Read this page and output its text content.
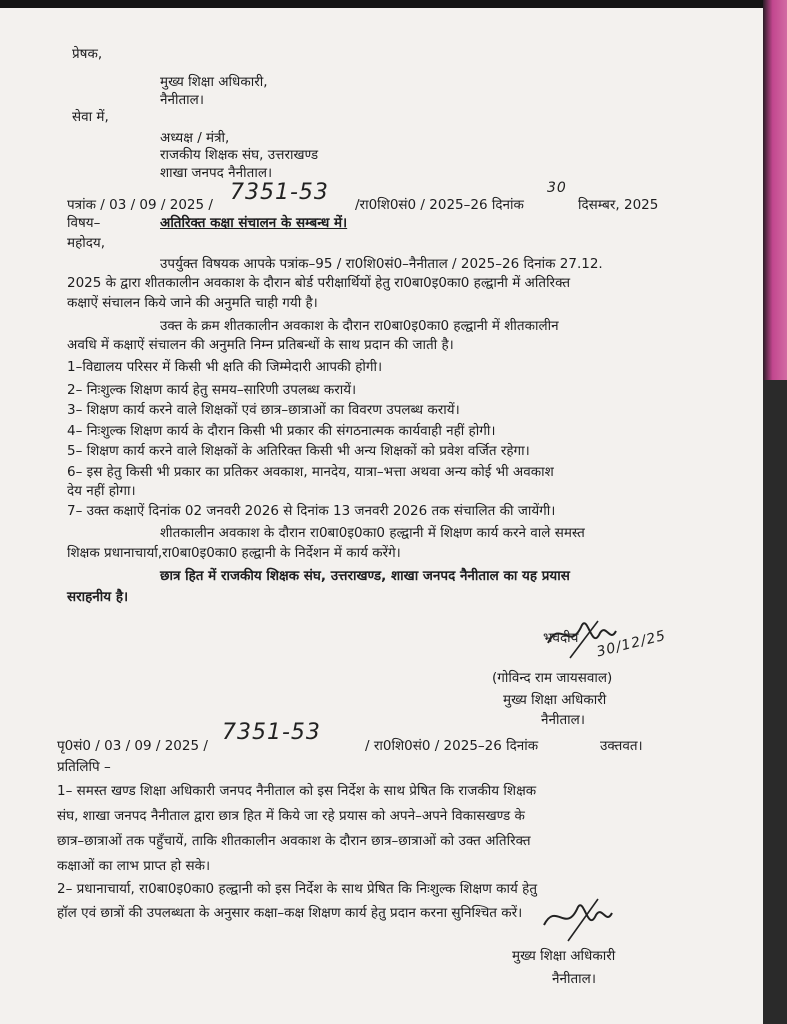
प्रेषक,
मुख्य शिक्षा अधिकारी,
नैनीताल।
सेवा में,
अध्यक्ष / मंत्री,
राजकीय शिक्षक संघ, उत्तराखण्ड
शाखा जनपद नैनीताल।
पत्रांक / 03 / 09 / 2025 / 7351-53 /रा0शि0सं0 / 2025–26 दिनांक
30
दिसम्बर, 2025
विषय–	अतिरिक्त कक्षा संचालन के सम्बन्ध में।
महोदय,
उपर्युक्त विषयक आपके पत्रांक–95 / रा0शि0सं0–नैनीताल / 2025–26 दिनांक 27.12.
2025 के द्वारा शीतकालीन अवकाश के दौरान बोर्ड परीक्षार्थियों हेतु रा0बा0इ0का0 हल्द्वानी में अतिरिक्त
कक्षाऐं संचालन किये जाने की अनुमति चाही गयी है।
उक्त के क्रम शीतकालीन अवकाश के दौरान रा0बा0इ0का0 हल्द्वानी में शीतकालीन
अवधि में कक्षाऐं संचालन की अनुमति निम्न प्रतिबन्धों के साथ प्रदान की जाती है।
1–विद्यालय परिसर में किसी भी क्षति की जिम्मेदारी आपकी होगी।
2– निःशुल्क शिक्षण कार्य हेतु समय–सारिणी उपलब्ध करायें।
3– शिक्षण कार्य करने वाले शिक्षकों एवं छात्र–छात्राओं का विवरण उपलब्ध करायें।
4– निःशुल्क शिक्षण कार्य के दौरान किसी भी प्रकार की संगठनात्मक कार्यवाही नहीं होगी।
5– शिक्षण कार्य करने वाले शिक्षकों के अतिरिक्त किसी भी अन्य शिक्षकों को प्रवेश वर्जित रहेगा।
6– इस हेतु किसी भी प्रकार का प्रतिकर अवकाश, मानदेय, यात्रा–भत्ता अथवा अन्य कोई भी अवकाश
देय नहीं होगा।
7– उक्त कक्षाऐं दिनांक 02 जनवरी 2026 से दिनांक 13 जनवरी 2026 तक संचालित की जायेंगी।
शीतकालीन अवकाश के दौरान रा0बा0इ0का0 हल्द्वानी में शिक्षण कार्य करने वाले समस्त
शिक्षक प्रधानाचार्या,रा0बा0इ0का0 हल्द्वानी के निर्देशन में कार्य करेंगे।
छात्र हित में राजकीय शिक्षक संघ, उत्तराखण्ड, शाखा जनपद नैनीताल का यह प्रयास
सराहनीय है।
भवदीय 30/12/25
(गोविन्द राम जायसवाल)
मुख्य शिक्षा अधिकारी
नैनीताल।
पृ0सं0 / 03 / 09 / 2025 /
7351-53
/ रा0शि0सं0 / 2025–26 दिनांक	उक्तवत।
प्रतिलिपि –
1– समस्त खण्ड शिक्षा अधिकारी जनपद नैनीताल को इस निर्देश के साथ प्रेषित कि राजकीय शिक्षक
संघ, शाखा जनपद नैनीताल द्वारा छात्र हित में किये जा रहे प्रयास को अपने–अपने विकासखण्ड के
छात्र–छात्राओं तक पहुँचायें, ताकि शीतकालीन अवकाश के दौरान छात्र–छात्राओं को उक्त अतिरिक्त
कक्षाओं का लाभ प्राप्त हो सके।
2– प्रधानाचार्या, रा0बा0इ0का0 हल्द्वानी को इस निर्देश के साथ प्रेषित कि निःशुल्क शिक्षण कार्य हेतु
हॉल एवं छात्रों की उपलब्धता के अनुसार कक्षा–कक्ष शिक्षण कार्य हेतु प्रदान करना सुनिश्चित करें।
मुख्य शिक्षा अधिकारी
नैनीताल।
